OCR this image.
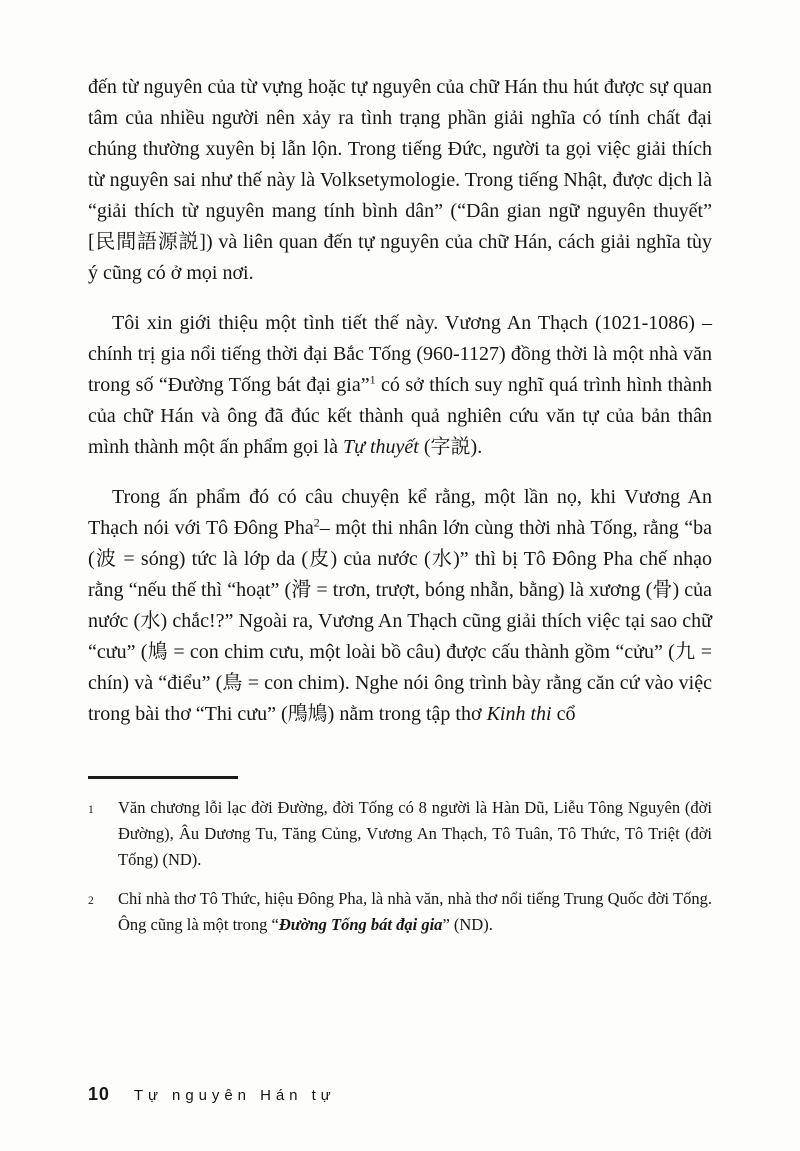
đến từ nguyên của từ vựng hoặc tự nguyên của chữ Hán thu hút được sự quan tâm của nhiều người nên xảy ra tình trạng phần giải nghĩa có tính chất đại chúng thường xuyên bị lẫn lộn. Trong tiếng Đức, người ta gọi việc giải thích từ nguyên sai như thế này là Volksetymologie. Trong tiếng Nhật, được dịch là “giải thích từ nguyên mang tính bình dân” (“Dân gian ngữ nguyên thuyết” [民間語源説]) và liên quan đến tự nguyên của chữ Hán, cách giải nghĩa tùy ý cũng có ở mọi nơi.

Tôi xin giới thiệu một tình tiết thế này. Vương An Thạch (1021-1086) –chính trị gia nổi tiếng thời đại Bắc Tống (960-1127) đồng thời là một nhà văn trong số “Đường Tống bát đại gia”$^1$ có sở thích suy nghĩ quá trình hình thành của chữ Hán và ông đã đúc kết thành quả nghiên cứu văn tự của bản thân mình thành một ấn phẩm gọi là Tự thuyết (字説).

Trong ấn phẩm đó có câu chuyện kể rằng, một lần nọ, khi Vương An Thạch nói với Tô Đông Pha$^2$– một thi nhân lớn cùng thời nhà Tống, rằng “ba (波 = sóng) tức là lớp da (皮) của nước (水)” thì bị Tô Đông Pha chế nhạo rằng “nếu thế thì “hoạt” (滑 = trơn, trượt, bóng nhẵn, bằng) là xương (骨) của nước (水) chắc!?” Ngoài ra, Vương An Thạch cũng giải thích việc tại sao chữ “cưu” (鳩 = con chim cưu, một loài bồ câu) được cấu thành gồm “cửu” (九 = chín) và “điểu” (鳥 = con chim). Nghe nói ông trình bày rằng căn cứ vào việc trong bài thơ “Thi cưu” (鳲鳩) nằm trong tập thơ Kinh thi cổ

1	Văn chương lỗi lạc đời Đường, đời Tống có 8 người là Hàn Dũ, Liễu Tông Nguyên (đời Đường), Âu Dương Tu, Tăng Củng, Vương An Thạch, Tô Tuân, Tô Thức, Tô Triệt (đời Tống) (ND).
2	Chỉ nhà thơ Tô Thức, hiệu Đông Pha, là nhà văn, nhà thơ nổi tiếng Trung Quốc đời Tống. Ông cũng là một trong “Đường Tống bát đại gia” (ND).
10 Tự nguyên Hán tự
